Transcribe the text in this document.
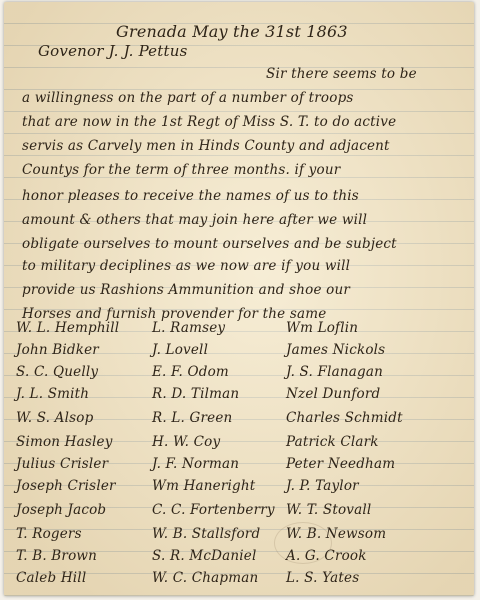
Grenada May the 31st 1863
Govenor J. J. Pettus
Sir there seems to be
a willingness on the part of a number of troops
that are now in the 1st Regt of Miss S. T. to do active
servis as Carvely men in Hinds County and adjacent
Countys for the term of three months. if your
honor pleases to receive the names of us to this
amount & others that may join here after we will
obligate ourselves to mount ourselves and be subject
to military deciplines as we now are if you will
provide us Rashions Ammunition and shoe our
Horses and furnish provender for the same
W. L. Hemphill
John Bidker
S. C. Quelly
J. L. Smith
W. S. Alsop
Simon Hasley
Julius Crisler
Joseph Crisler
Joseph Jacob
T. Rogers
T. B. Brown
Caleb Hill
L. Ramsey
J. Lovell
E. F. Odom
R. D. Tilman
R. L. Green
H. W. Coy
J. F. Norman
Wm Haneright
C. C. Fortenberry
W. B. Stallsford
S. R. McDaniel
W. C. Chapman
Wm Loflin
James Nickols
J. S. Flanagan
Nzel Dunford
Charles Schmidt
Patrick Clark
Peter Needham
J. P. Taylor
W. T. Stovall
W. B. Newsom
A. G. Crook
L. S. Yates
